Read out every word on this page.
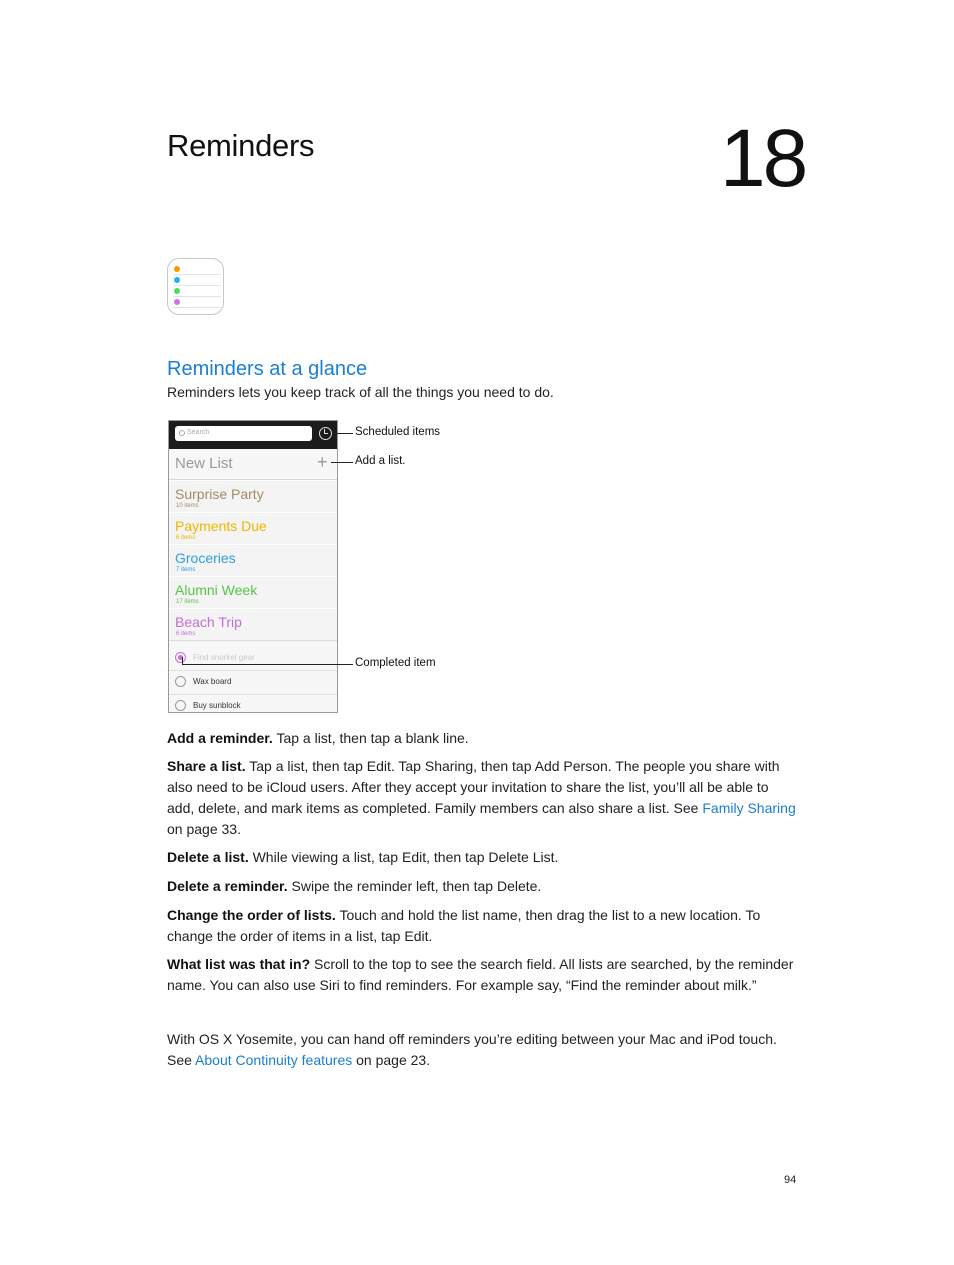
Reminders	18
Reminders at a glance

Reminders lets you keep track of all the things you need to do.

Search
New List	+
Surprise Party
10 items
Payments Due
6 items
Groceries
7 items
Alumni Week
17 items
Beach Trip
6 items
Find snorkel gear
Wax board
Buy sunblock
Scheduled items
Add a list.
Completed item

Add a reminder. Tap a list, then tap a blank line.

Share a list. Tap a list, then tap Edit. Tap Sharing, then tap Add Person. The people you share with also need to be iCloud users. After they accept your invitation to share the list, you’ll all be able to add, delete, and mark items as completed. Family members can also share a list. See Family Sharing on page 33.

Delete a list. While viewing a list, tap Edit, then tap Delete List.

Delete a reminder. Swipe the reminder left, then tap Delete.

Change the order of lists. Touch and hold the list name, then drag the list to a new location. To change the order of items in a list, tap Edit.

What list was that in? Scroll to the top to see the search field. All lists are searched, by the reminder name. You can also use Siri to find reminders. For example say, “Find the reminder about milk.”

With OS X Yosemite, you can hand off reminders you’re editing between your Mac and iPod touch. See About Continuity features on page 23.

94
